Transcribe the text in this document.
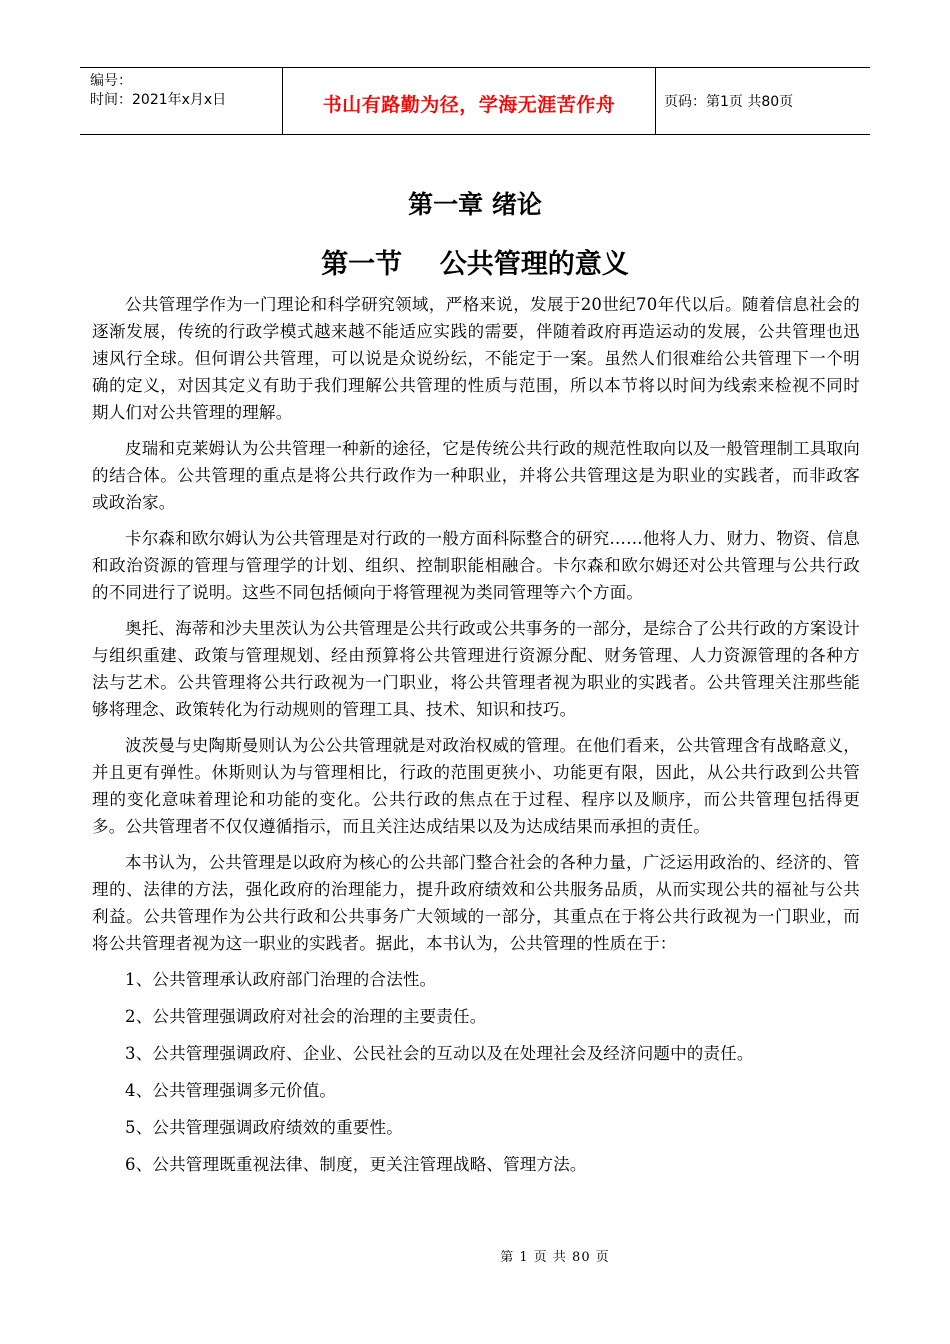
编号：
时间：2021年x月x日	书山有路勤为径，学海无涯苦作舟	页码：第1页 共80页
第一章 绪论
第一节    公共管理的意义

公共管理学作为一门理论和科学研究领域，严格来说，发展于20世纪70年代以后。随着信息社会的逐渐发展，传统的行政学模式越来越不能适应实践的需要，伴随着政府再造运动的发展，公共管理也迅速风行全球。但何谓公共管理，可以说是众说纷纭，不能定于一案。虽然人们很难给公共管理下一个明确的定义，对因其定义有助于我们理解公共管理的性质与范围，所以本节将以时间为线索来检视不同时期人们对公共管理的理解。

皮瑞和克莱姆认为公共管理一种新的途径，它是传统公共行政的规范性取向以及一般管理制工具取向的结合体。公共管理的重点是将公共行政作为一种职业，并将公共管理这是为职业的实践者，而非政客或政治家。

卡尔森和欧尔姆认为公共管理是对行政的一般方面科际整合的研究……他将人力、财力、物资、信息和政治资源的管理与管理学的计划、组织、控制职能相融合。卡尔森和欧尔姆还对公共管理与公共行政的不同进行了说明。这些不同包括倾向于将管理视为类同管理等六个方面。

奥托、海蒂和沙夫里茨认为公共管理是公共行政或公共事务的一部分，是综合了公共行政的方案设计与组织重建、政策与管理规划、经由预算将公共管理进行资源分配、财务管理、人力资源管理的各种方法与艺术。公共管理将公共行政视为一门职业，将公共管理者视为职业的实践者。公共管理关注那些能够将理念、政策转化为行动规则的管理工具、技术、知识和技巧。

波茨曼与史陶斯曼则认为公公共管理就是对政治权威的管理。在他们看来，公共管理含有战略意义，并且更有弹性。休斯则认为与管理相比，行政的范围更狭小、功能更有限，因此，从公共行政到公共管理的变化意味着理论和功能的变化。公共行政的焦点在于过程、程序以及顺序，而公共管理包括得更多。公共管理者不仅仅遵循指示，而且关注达成结果以及为达成结果而承担的责任。

本书认为，公共管理是以政府为核心的公共部门整合社会的各种力量，广泛运用政治的、经济的、管理的、法律的方法，强化政府的治理能力，提升政府绩效和公共服务品质，从而实现公共的福祉与公共利益。公共管理作为公共行政和公共事务广大领域的一部分，其重点在于将公共行政视为一门职业，而将公共管理者视为这一职业的实践者。据此，本书认为，公共管理的性质在于：

1、公共管理承认政府部门治理的合法性。

2、公共管理强调政府对社会的治理的主要责任。

3、公共管理强调政府、企业、公民社会的互动以及在处理社会及经济问题中的责任。

4、公共管理强调多元价值。

5、公共管理强调政府绩效的重要性。

6、公共管理既重视法律、制度，更关注管理战略、管理方法。

第 1 页 共 80 页
